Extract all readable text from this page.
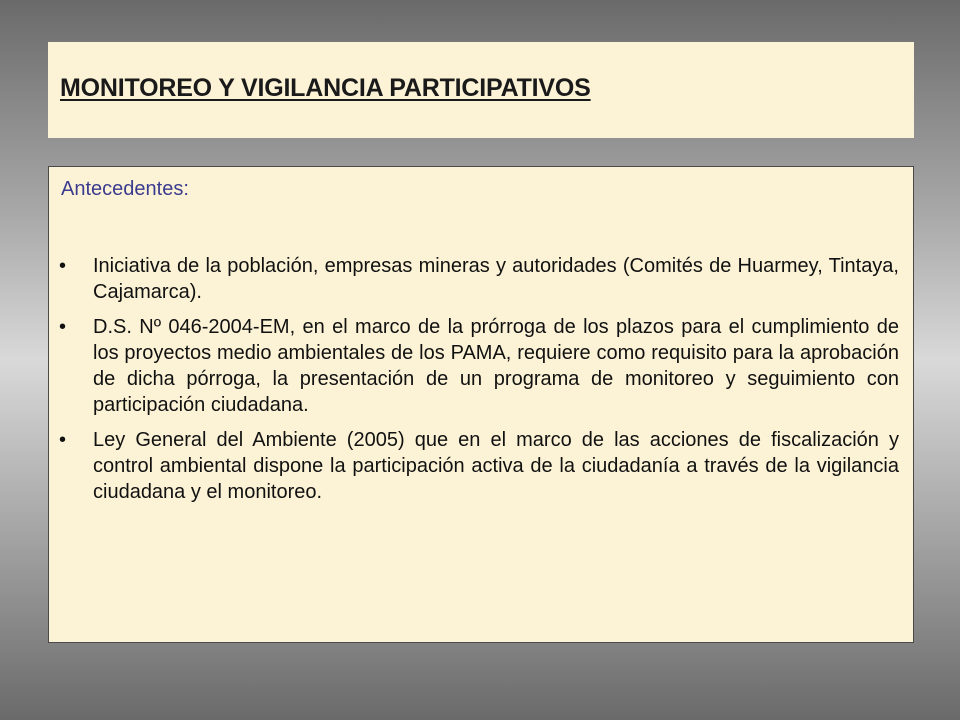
MONITOREO Y VIGILANCIA PARTICIPATIVOS

Antecedentes:

•	Iniciativa de la población, empresas mineras y autoridades (Comités de Huarmey, Tintaya, Cajamarca).
•	D.S. Nº 046-2004-EM, en el marco de la prórroga de los plazos para el cumplimiento de los proyectos medio ambientales de los PAMA, requiere como requisito para la aprobación de dicha pórroga, la presentación de un programa de monitoreo y seguimiento con participación ciudadana.
•	Ley General del Ambiente (2005) que en el marco de las acciones de fiscalización y control ambiental dispone la participación activa de la ciudadanía a través de la vigilancia ciudadana y el monitoreo.
